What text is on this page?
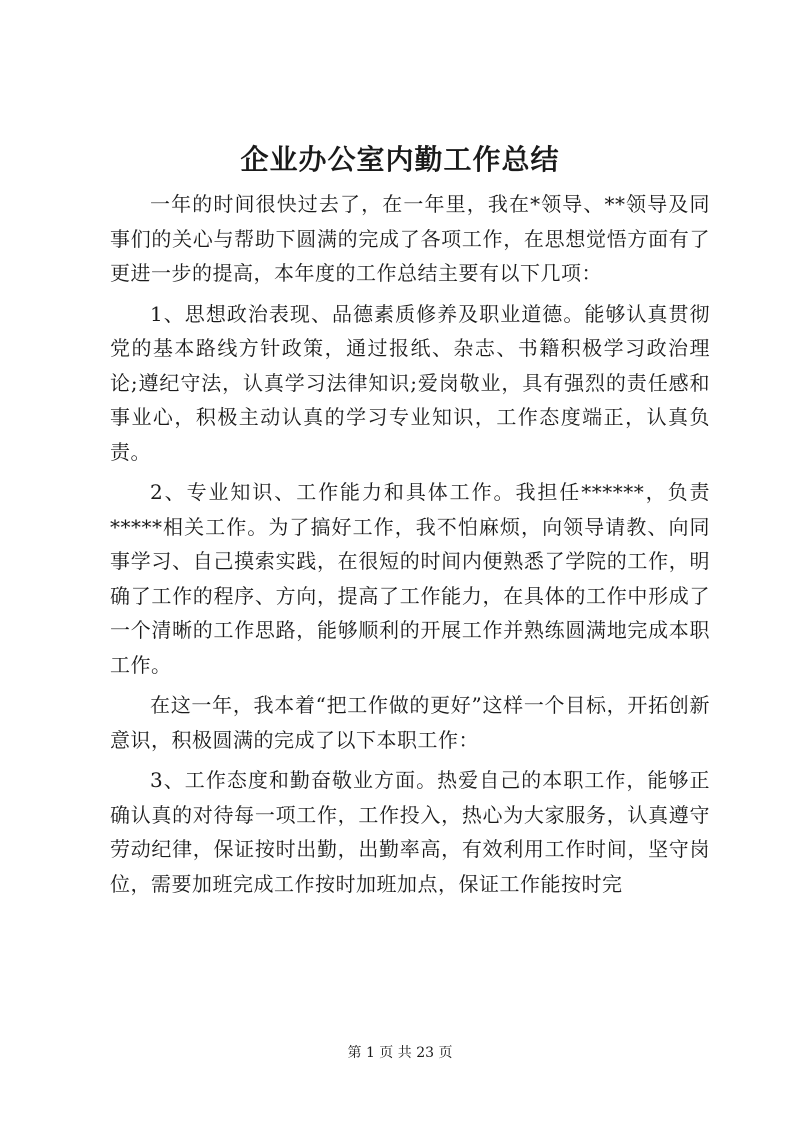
企业办公室内勤工作总结

一年的时间很快过去了，在一年里，我在*领导、**领导及同事们的关心与帮助下圆满的完成了各项工作，在思想觉悟方面有了更进一步的提高，本年度的工作总结主要有以下几项：

1、思想政治表现、品德素质修养及职业道德。能够认真贯彻党的基本路线方针政策，通过报纸、杂志、书籍积极学习政治理论;遵纪守法，认真学习法律知识;爱岗敬业，具有强烈的责任感和事业心，积极主动认真的学习专业知识，工作态度端正，认真负责。

2、专业知识、工作能力和具体工作。我担任******，负责*****相关工作。为了搞好工作，我不怕麻烦，向领导请教、向同事学习、自己摸索实践，在很短的时间内便熟悉了学院的工作，明确了工作的程序、方向，提高了工作能力，在具体的工作中形成了一个清晰的工作思路，能够顺利的开展工作并熟练圆满地完成本职工作。

在这一年，我本着“把工作做的更好”这样一个目标，开拓创新意识，积极圆满的完成了以下本职工作：

3、工作态度和勤奋敬业方面。热爱自己的本职工作，能够正确认真的对待每一项工作，工作投入，热心为大家服务，认真遵守劳动纪律，保证按时出勤，出勤率高，有效利用工作时间，坚守岗位，需要加班完成工作按时加班加点，保证工作能按时完

第 1 页 共 23 页
